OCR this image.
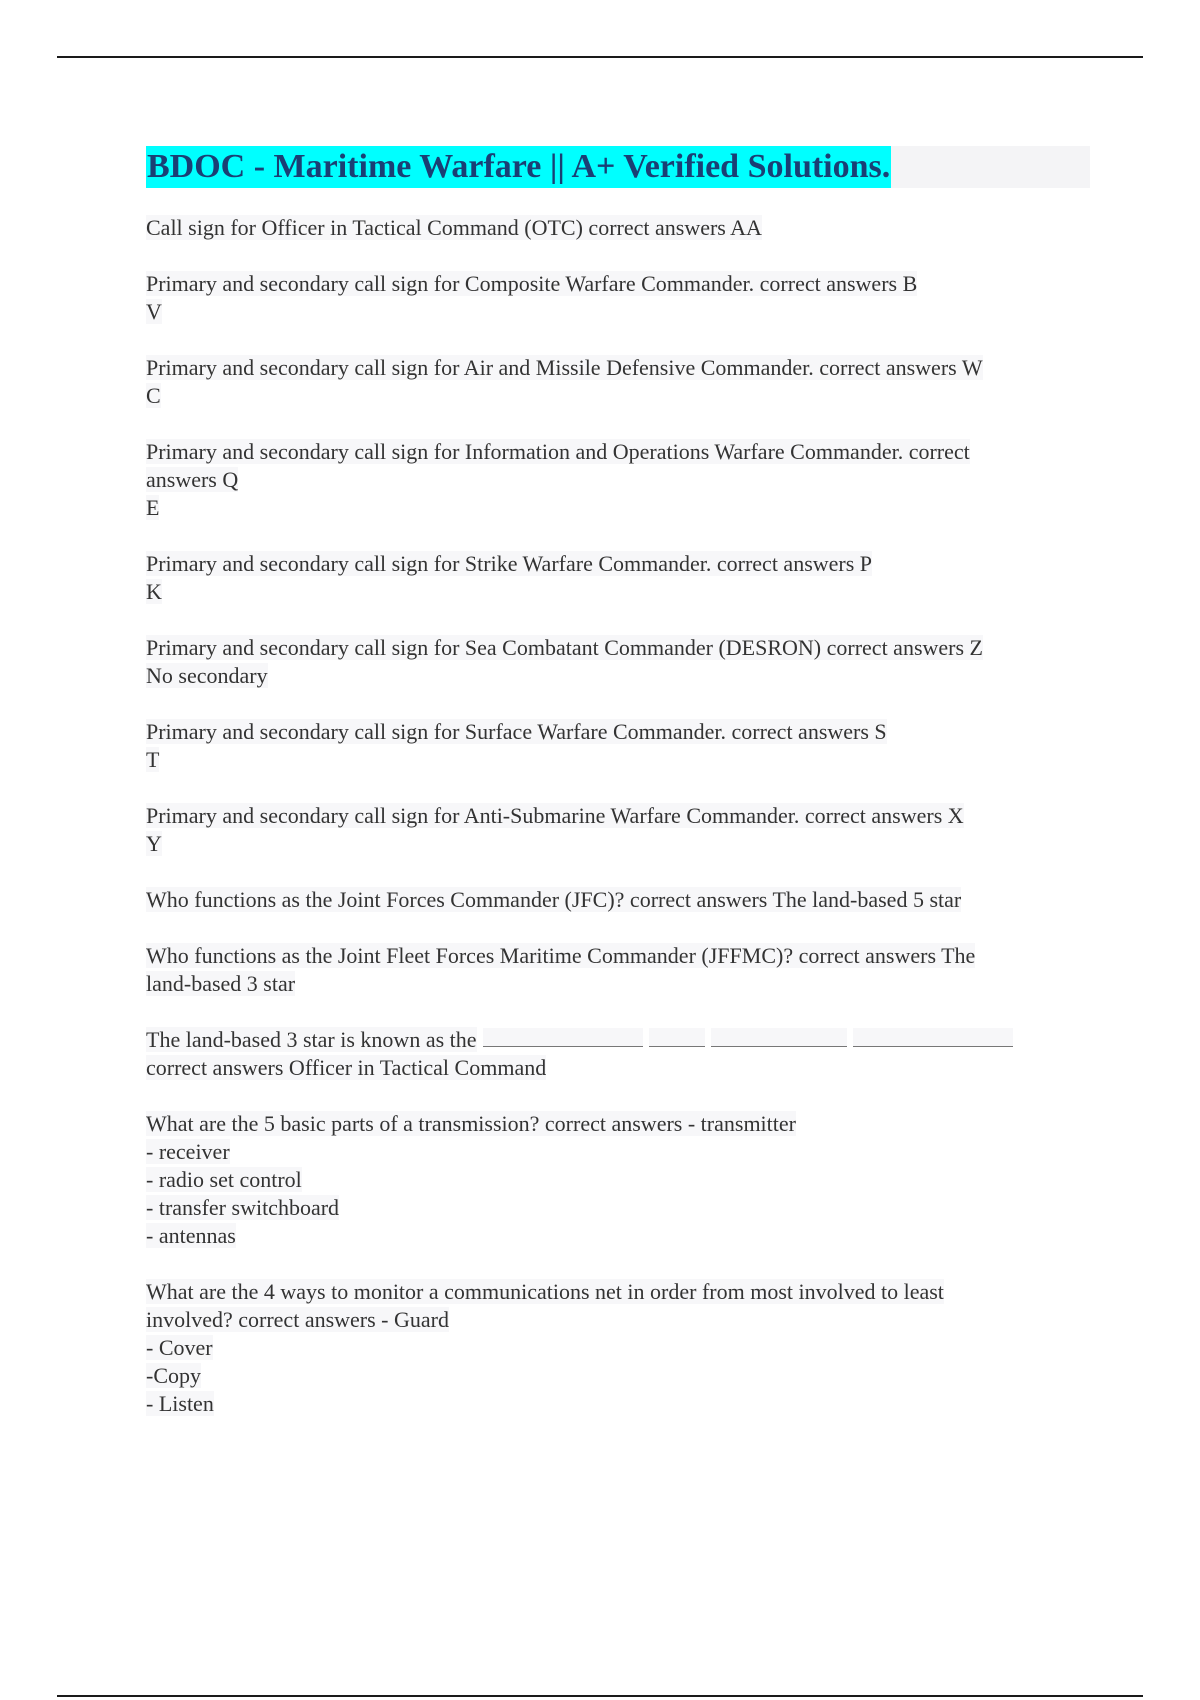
BDOC - Maritime Warfare || A+ Verified Solutions.
Call sign for Officer in Tactical Command (OTC) correct answers AA
Primary and secondary call sign for Composite Warfare Commander. correct answers B
V
Primary and secondary call sign for Air and Missile Defensive Commander. correct answers W
C
Primary and secondary call sign for Information and Operations Warfare Commander. correct
answers Q
E
Primary and secondary call sign for Strike Warfare Commander. correct answers P
K
Primary and secondary call sign for Sea Combatant Commander (DESRON) correct answers Z
No secondary
Primary and secondary call sign for Surface Warfare Commander. correct answers S
T
Primary and secondary call sign for Anti-Submarine Warfare Commander. correct answers X
Y
Who functions as the Joint Forces Commander (JFC)? correct answers The land-based 5 star
Who functions as the Joint Fleet Forces Maritime Commander (JFFMC)? correct answers The
land-based 3 star
The land-based 3 star is known as the
correct answers Officer in Tactical Command
What are the 5 basic parts of a transmission? correct answers - transmitter
- receiver
- radio set control
- transfer switchboard
- antennas
What are the 4 ways to monitor a communications net in order from most involved to least
involved? correct answers - Guard
- Cover
-Copy
- Listen
